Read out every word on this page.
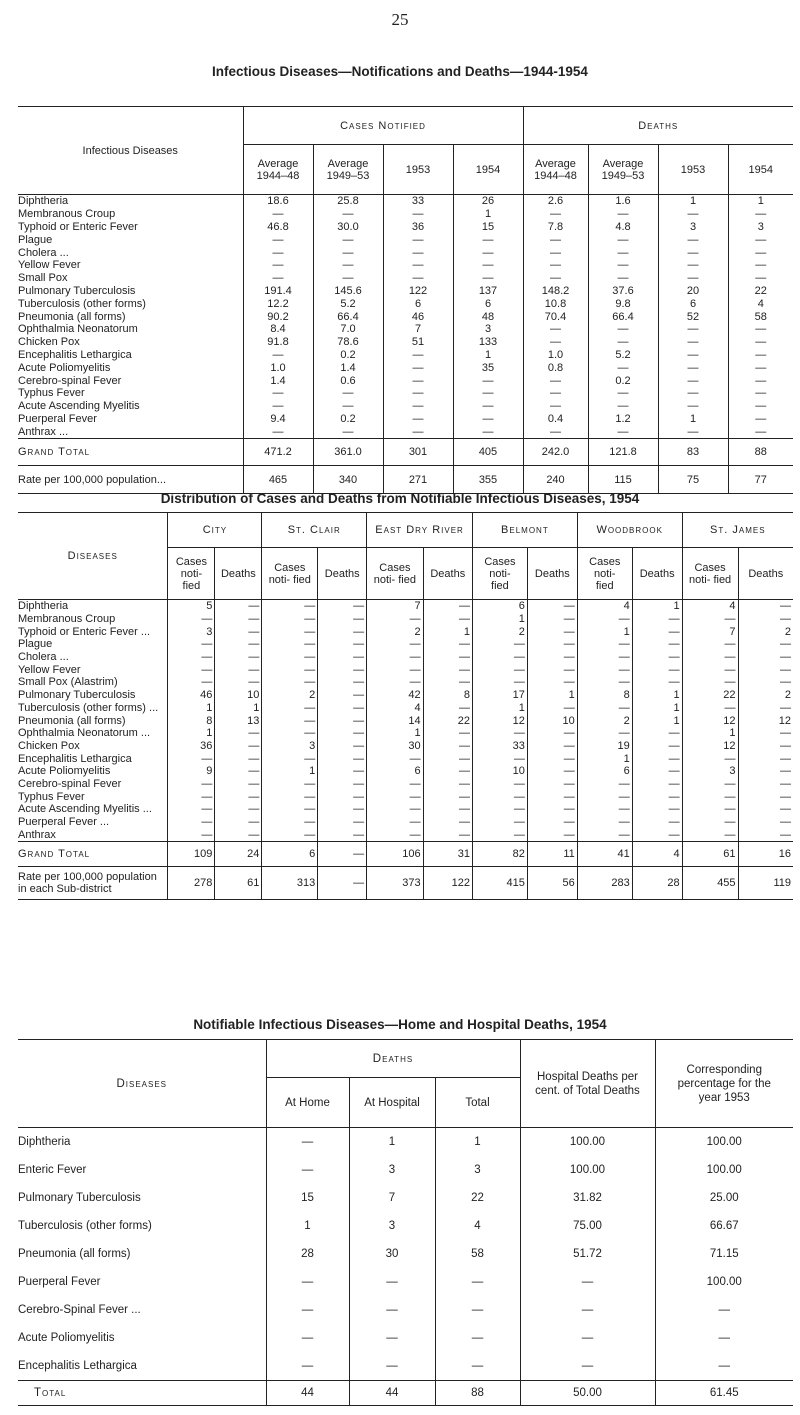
25
Infectious Diseases—Notifications and Deaths—1944-1954
Infectious Diseases	Cases Notified				Deaths			
	Average 1944–48	Average 1949–53	1953	1954	Average 1944–48	Average 1949–53	1953	1954
Diphtheria	18.6	25.8	33	26	2.6	1.6	1	1
Membranous Croup	—	—	—	1	—	—	—	—
Typhoid or Enteric Fever	46.8	30.0	36	15	7.8	4.8	3	3
Plague	—	—	—	—	—	—	—	—
Cholera ...	—	—	—	—	—	—	—	—
Yellow Fever	—	—	—	—	—	—	—	—
Small Pox	—	—	—	—	—	—	—	—
Pulmonary Tuberculosis	191.4	145.6	122	137	148.2	37.6	20	22
Tuberculosis (other forms)	12.2	5.2	6	6	10.8	9.8	6	4
Pneumonia (all forms)	90.2	66.4	46	48	70.4	66.4	52	58
Ophthalmia Neonatorum	8.4	7.0	7	3	—	—	—	—
Chicken Pox	91.8	78.6	51	133	—	—	—	—
Encephalitis Lethargica	—	0.2	—	1	1.0	5.2	—	—
Acute Poliomyelitis	1.0	1.4	—	35	0.8	—	—	—
Cerebro-spinal Fever	1.4	0.6	—	—	—	0.2	—	—
Typhus Fever	—	—	—	—	—	—	—	—
Acute Ascending Myelitis	—	—	—	—	—	—	—	—
Puerperal Fever	9.4	0.2	—	—	0.4	1.2	1	—
Anthrax ...	—	—	—	—	—	—	—	—
Grand Total	471.2	361.0	301	405	242.0	121.8	83	88
Rate per 100,000 population...	465	340	271	355	240	115	75	77
Distribution of Cases and Deaths from Notifiable Infectious Diseases, 1954
Diseases	City		St. Clair		East Dry River		Belmont		Woodbrook		St. James	
	Cases noti- fied	Deaths	Cases noti- fied	Deaths	Cases noti- fied	Deaths	Cases noti- fied	Deaths	Cases noti- fied	Deaths	Cases noti- fied	Deaths
Diphtheria	5	—	—	—	7	—	6	—	4	1	4	—
Membranous Croup	—	—	—	—	—	—	1	—	—	—	—	—
Typhoid or Enteric Fever ...	3	—	—	—	2	1	2	—	1	—	7	2
Plague	—	—	—	—	—	—	—	—	—	—	—	—
Cholera ...	—	—	—	—	—	—	—	—	—	—	—	—
Yellow Fever	—	—	—	—	—	—	—	—	—	—	—	—
Small Pox (Alastrim)	—	—	—	—	—	—	—	—	—	—	—	—
Pulmonary Tuberculosis	46	10	2	—	42	8	17	1	8	1	22	2
Tuberculosis (other forms) ...	1	1	—	—	4	—	1	—	—	1	—	—
Pneumonia (all forms)	8	13	—	—	14	22	12	10	2	1	12	12
Ophthalmia Neonatorum ...	1	—	—	—	1	—	—	—	—	—	1	—
Chicken Pox	36	—	3	—	30	—	33	—	19	—	12	—
Encephalitis Lethargica	—	—	—	—	—	—	—	—	1	—	—	—
Acute Poliomyelitis	9	—	1	—	6	—	10	—	6	—	3	—
Cerebro-spinal Fever	—	—	—	—	—	—	—	—	—	—	—	—
Typhus Fever	—	—	—	—	—	—	—	—	—	—	—	—
Acute Ascending Myelitis ...	—	—	—	—	—	—	—	—	—	—	—	—
Puerperal Fever ...	—	—	—	—	—	—	—	—	—	—	—	—
Anthrax	—	—	—	—	—	—	—	—	—	—	—	—
Grand Total	109	24	6	—	106	31	82	11	41	4	61	16

Rate per 100,000 population
in each Sub-district	278	61	313	—	373	122	415	56	283	28	455	119
Notifiable Infectious Diseases—Home and Hospital Deaths, 1954
Diseases	Deaths			Hospital Deaths per cent. of Total Deaths	Corresponding percentage for the year 1953
	At Home	At Hospital	Total		
Diphtheria	—	1	1	100.00	100.00
Enteric Fever	—	3	3	100.00	100.00
Pulmonary Tuberculosis	15	7	22	31.82	25.00
Tuberculosis (other forms)	1	3	4	75.00	66.67
Pneumonia (all forms)	28	30	58	51.72	71.15
Puerperal Fever	—	—	—	—	100.00
Cerebro-Spinal Fever ...	—	—	—	—	—
Acute Poliomyelitis	—	—	—	—	—
Encephalitis Lethargica	—	—	—	—	—
Total	44	44	88	50.00	61.45
